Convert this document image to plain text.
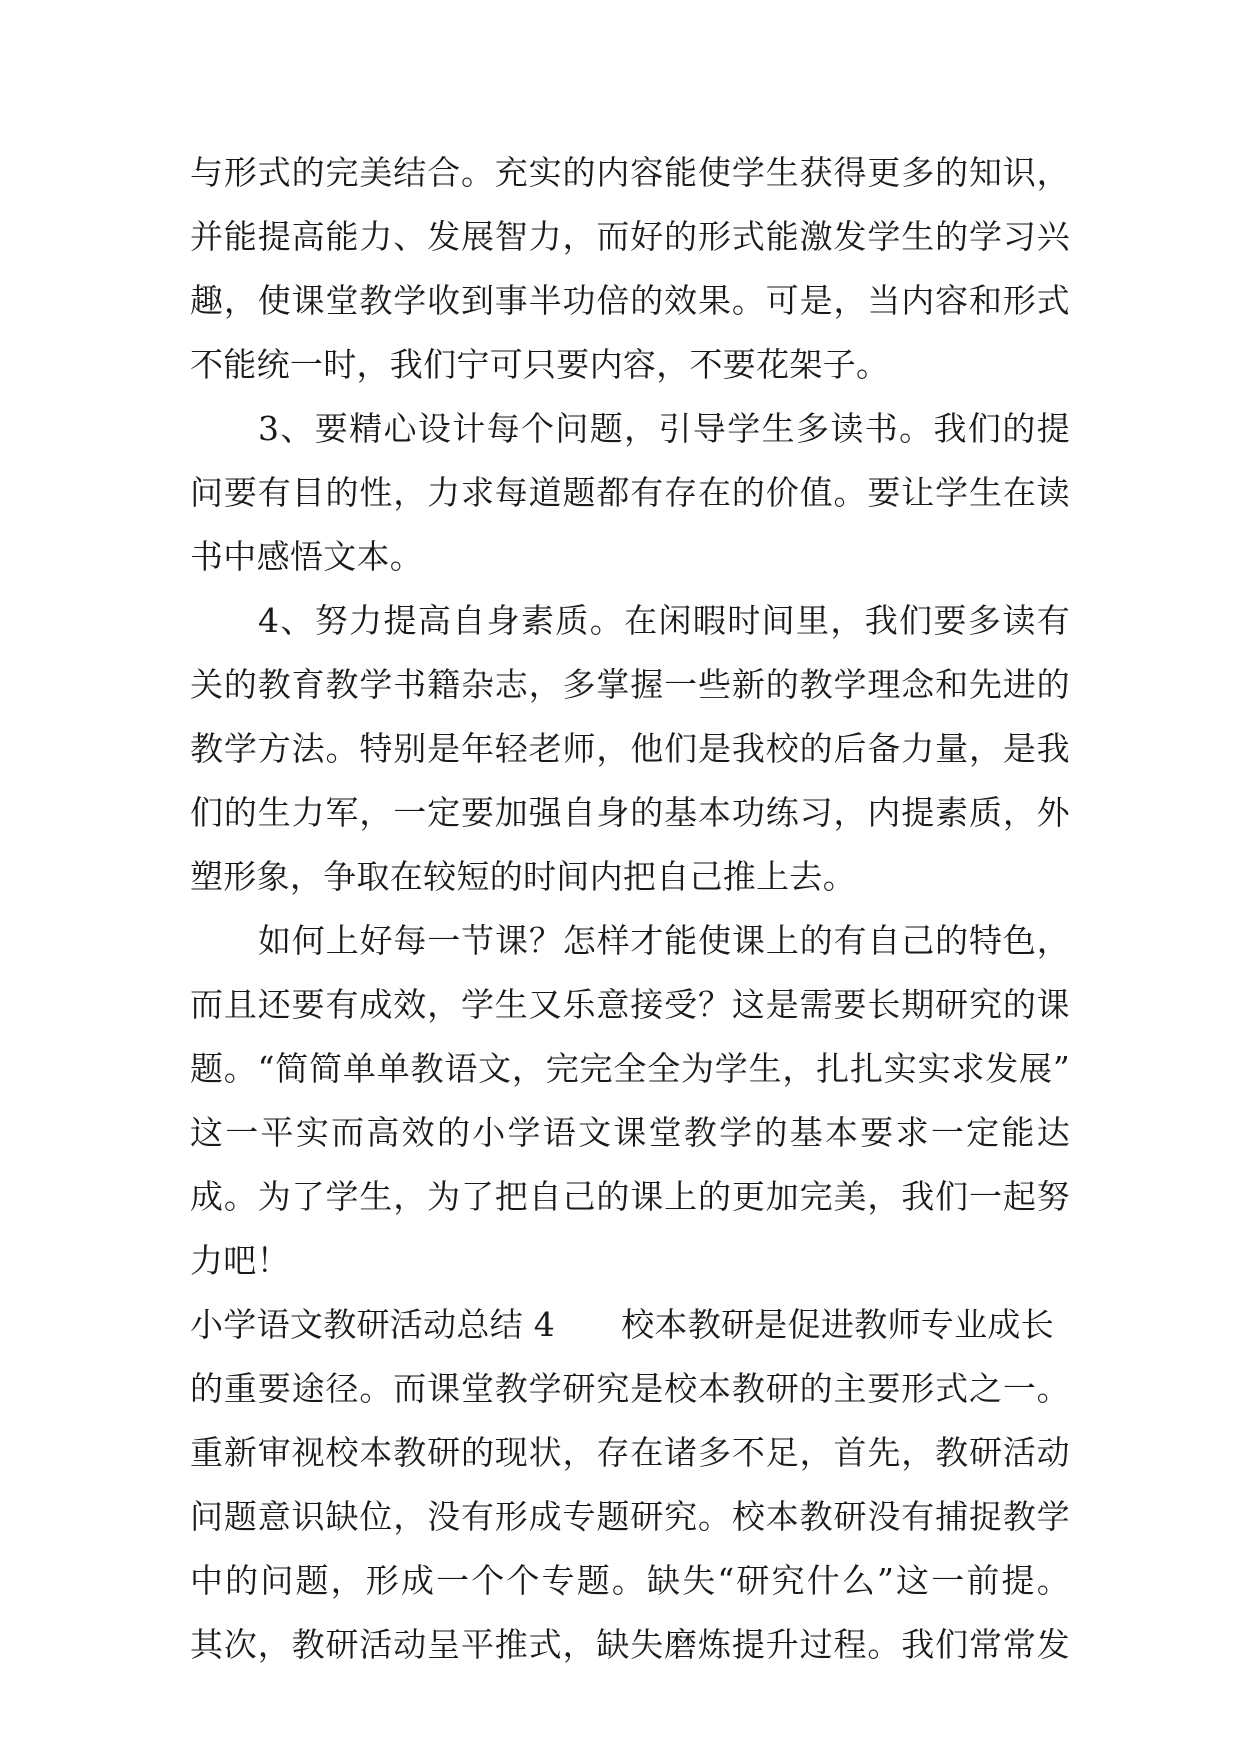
与形式的完美结合。充实的内容能使学生获得更多的知识，
并能提高能力、发展智力，而好的形式能激发学生的学习兴
趣，使课堂教学收到事半功倍的效果。可是，当内容和形式
不能统一时，我们宁可只要内容，不要花架子。
3、要精心设计每个问题，引导学生多读书。我们的提
问要有目的性，力求每道题都有存在的价值。要让学生在读
书中感悟文本。
4、努力提高自身素质。在闲暇时间里，我们要多读有
关的教育教学书籍杂志，多掌握一些新的教学理念和先进的
教学方法。特别是年轻老师，他们是我校的后备力量，是我
们的生力军，一定要加强自身的基本功练习，内提素质，外
塑形象，争取在较短的时间内把自己推上去。
如何上好每一节课？怎样才能使课上的有自己的特色，
而且还要有成效，学生又乐意接受？这是需要长期研究的课
题。“简简单单教语文，完完全全为学生，扎扎实实求发展”
这一平实而高效的小学语文课堂教学的基本要求一定能达
成。为了学生，为了把自己的课上的更加完美，我们一起努
力吧！
小学语文教研活动总结 4 校本教研是促进教师专业成长
的重要途径。而课堂教学研究是校本教研的主要形式之一。
重新审视校本教研的现状，存在诸多不足，首先，教研活动
问题意识缺位，没有形成专题研究。校本教研没有捕捉教学
中的问题，形成一个个专题。缺失“研究什么”这一前提。
其次，教研活动呈平推式，缺失磨炼提升过程。我们常常发
